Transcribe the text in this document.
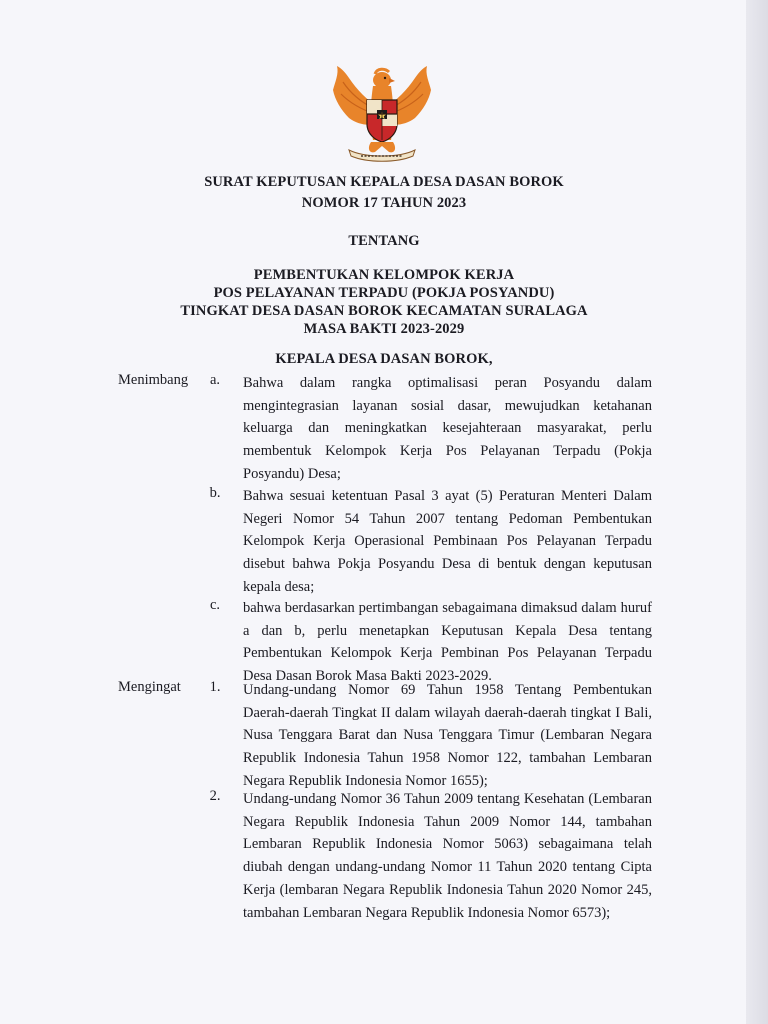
SURAT KEPUTUSAN KEPALA DESA DASAN BOROK
NOMOR 17 TAHUN 2023
TENTANG
PEMBENTUKAN KELOMPOK KERJA
POS PELAYANAN TERPADU (POKJA POSYANDU)
TINGKAT DESA DASAN BOROK KECAMATAN SURALAGA
MASA BAKTI 2023-2029
KEPALA DESA DASAN BOROK,
Menimbang	a.	Bahwa dalam rangka optimalisasi peran Posyandu dalam mengintegrasian layanan sosial dasar, mewujudkan ketahanan keluarga dan meningkatkan kesejahteraan masyarakat, perlu membentuk Kelompok Kerja Pos Pelayanan Terpadu (Pokja Posyandu) Desa;
b.	Bahwa sesuai ketentuan Pasal 3 ayat (5) Peraturan Menteri Dalam Negeri Nomor 54 Tahun 2007 tentang Pedoman Pembentukan Kelompok Kerja Operasional Pembinaan Pos Pelayanan Terpadu disebut bahwa Pokja Posyandu Desa di bentuk dengan keputusan kepala desa;
c.	bahwa berdasarkan pertimbangan sebagaimana dimaksud dalam huruf a dan b, perlu menetapkan Keputusan Kepala Desa tentang Pembentukan Kelompok Kerja Pembinan Pos Pelayanan Terpadu Desa Dasan Borok Masa Bakti 2023-2029.
Mengingat	1.	Undang-undang Nomor 69 Tahun 1958 Tentang Pembentukan Daerah-daerah Tingkat II dalam wilayah daerah-daerah tingkat I Bali, Nusa Tenggara Barat dan Nusa Tenggara Timur (Lembaran Negara Republik Indonesia Tahun 1958 Nomor 122, tambahan Lembaran Negara Republik Indonesia Nomor 1655);
2.	Undang-undang Nomor 36 Tahun 2009 tentang Kesehatan (Lembaran Negara Republik Indonesia Tahun 2009 Nomor 144, tambahan Lembaran Republik Indonesia Nomor 5063) sebagaimana telah diubah dengan undang-undang Nomor 11 Tahun 2020 tentang Cipta Kerja (lembaran Negara Republik Indonesia Tahun 2020 Nomor 245, tambahan Lembaran Negara Republik Indonesia Nomor 6573);
